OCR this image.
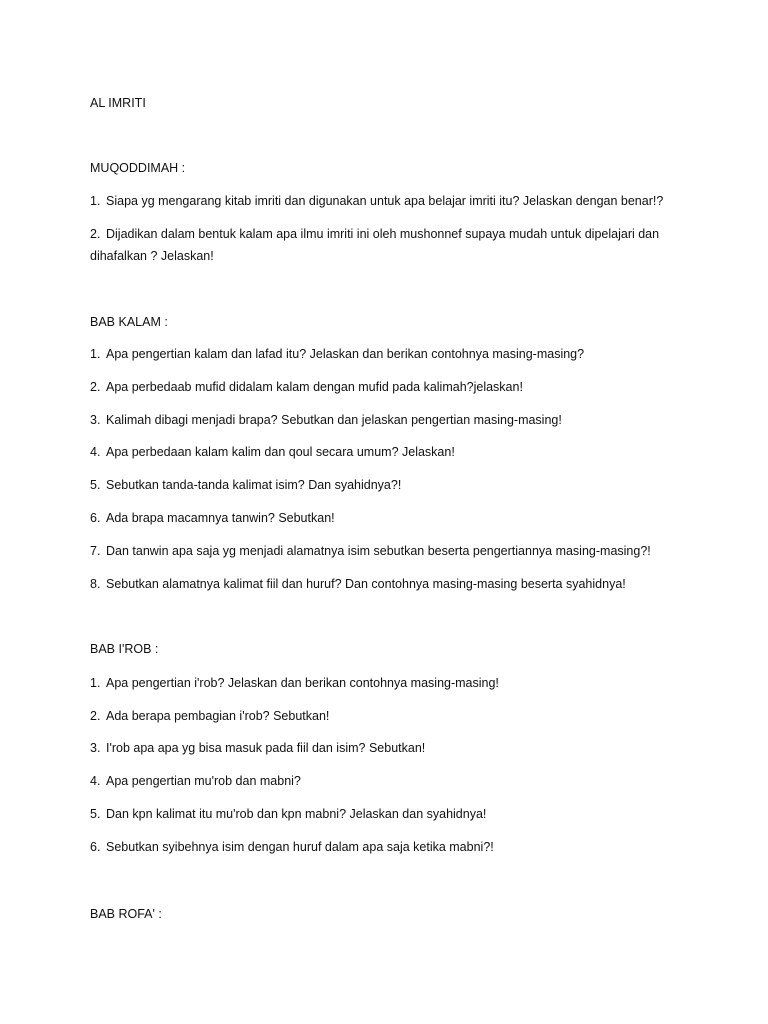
AL IMRITI
MUQODDIMAH :
1. Siapa yg mengarang kitab imriti dan digunakan untuk apa belajar imriti itu? Jelaskan dengan benar!?
2. Dijadikan dalam bentuk kalam apa ilmu imriti ini oleh mushonnef supaya mudah untuk dipelajari dan
dihafalkan ? Jelaskan!
BAB KALAM :
1. Apa pengertian kalam dan lafad itu? Jelaskan dan berikan contohnya masing-masing?
2. Apa perbedaab mufid didalam kalam dengan mufid pada kalimah?jelaskan!
3. Kalimah dibagi menjadi brapa? Sebutkan dan jelaskan pengertian masing-masing!
4. Apa perbedaan kalam kalim dan qoul secara umum? Jelaskan!
5. Sebutkan tanda-tanda kalimat isim? Dan syahidnya?!
6. Ada brapa macamnya tanwin? Sebutkan!
7. Dan tanwin apa saja yg menjadi alamatnya isim sebutkan beserta pengertiannya masing-masing?!
8. Sebutkan alamatnya kalimat fiil dan huruf? Dan contohnya masing-masing beserta syahidnya!
BAB I'ROB :
1. Apa pengertian i'rob? Jelaskan dan berikan contohnya masing-masing!
2. Ada berapa pembagian i'rob? Sebutkan!
3. I'rob apa apa yg bisa masuk pada fiil dan isim? Sebutkan!
4. Apa pengertian mu'rob dan mabni?
5. Dan kpn kalimat itu mu'rob dan kpn mabni? Jelaskan dan syahidnya!
6. Sebutkan syibehnya isim dengan huruf dalam apa saja ketika mabni?!
BAB ROFA' :
